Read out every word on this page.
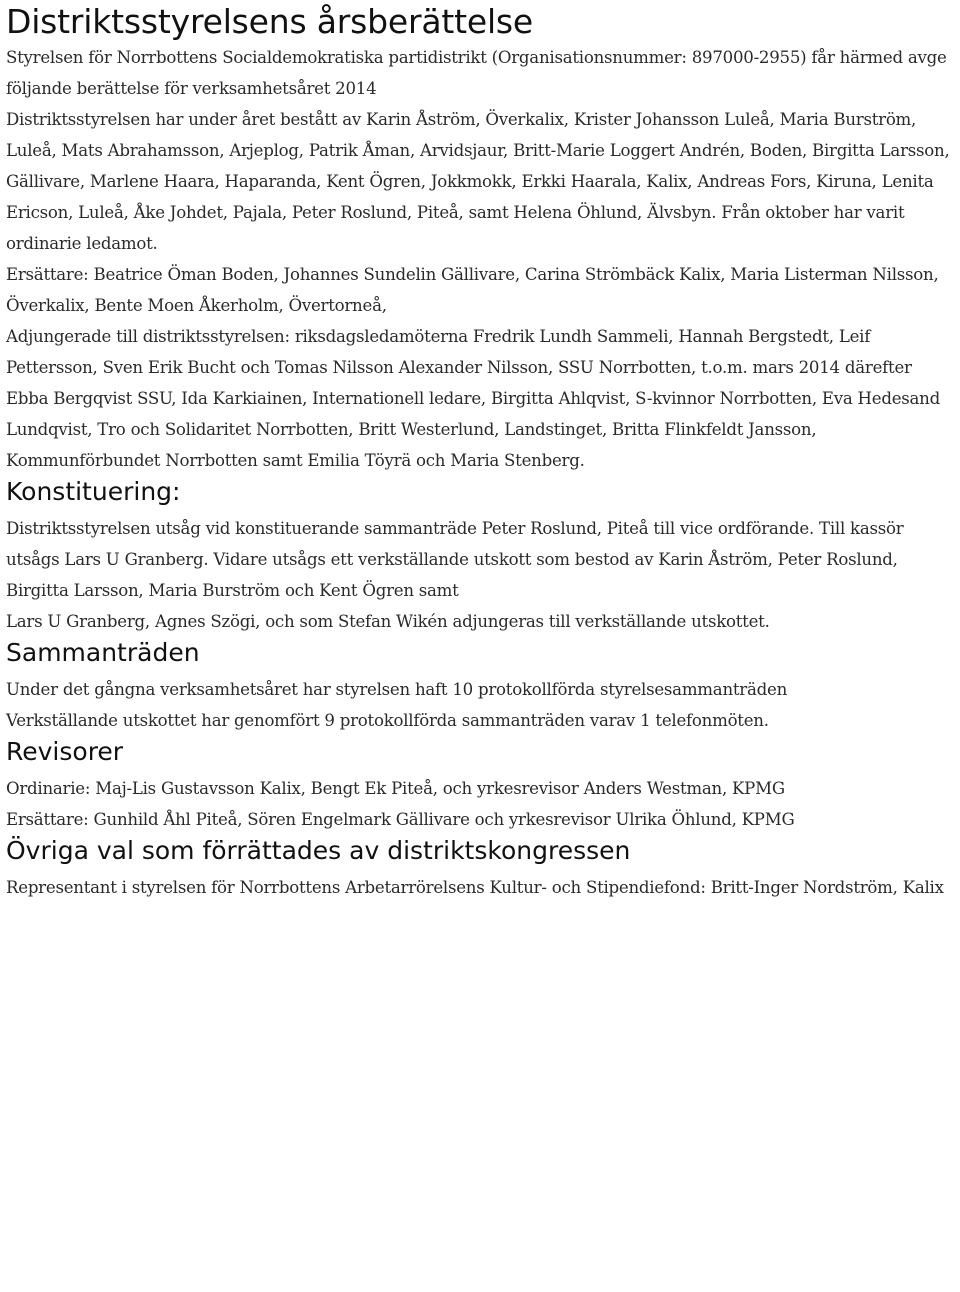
Distriktsstyrelsens årsberättelse

Styrelsen för Norrbottens Socialdemokratiska partidistrikt (Organisationsnummer: 897000-2955) får härmed avge följande berättelse för verksamhetsåret 2014

Distriktsstyrelsen har under året bestått av Karin Åström, Överkalix, Krister Johansson Luleå, Maria Burström, Luleå, Mats Abrahamsson, Arjeplog, Patrik Åman, Arvidsjaur, Britt-Marie Loggert Andrén, Boden, Birgitta Larsson, Gällivare, Marlene Haara, Haparanda, Kent Ögren, Jokkmokk, Erkki Haarala, Kalix, Andreas Fors, Kiruna, Lenita Ericson, Luleå, Åke Johdet, Pajala, Peter Roslund, Piteå, samt Helena Öhlund, Älvsbyn. Från oktober har varit ordinarie ledamot.

Ersättare: Beatrice Öman Boden, Johannes Sundelin Gällivare, Carina Strömbäck Kalix, Maria Listerman Nilsson, Överkalix, Bente Moen Åkerholm, Övertorneå,

Adjungerade till distriktsstyrelsen: riksdagsledamöterna Fredrik Lundh Sammeli, Hannah Bergstedt, Leif Pettersson, Sven Erik Bucht och Tomas Nilsson Alexander Nilsson, SSU Norrbotten, t.o.m. mars 2014 därefter Ebba Bergqvist SSU, Ida Karkiainen, Internationell ledare, Birgitta Ahlqvist, S-kvinnor Norrbotten, Eva Hedesand Lundqvist, Tro och Solidaritet Norrbotten, Britt Westerlund, Landstinget, Britta Flinkfeldt Jansson, Kommunförbundet Norrbotten samt Emilia Töyrä och Maria Stenberg.

Konstituering:

Distriktsstyrelsen utsåg vid konstituerande sammanträde Peter Roslund, Piteå till vice ordförande. Till kassör utsågs Lars U Granberg. Vidare utsågs ett verkställande utskott som bestod av Karin Åström, Peter Roslund, Birgitta Larsson, Maria Burström och Kent Ögren samt

Lars U Granberg, Agnes Szögi, och som Stefan Wikén adjungeras till verkställande utskottet.

Sammanträden

Under det gångna verksamhetsåret har styrelsen haft 10 protokollförda styrelsesammanträden

Verkställande utskottet har genomfört 9 protokollförda sammanträden varav 1 telefonmöten.

Revisorer

Ordinarie: Maj-Lis Gustavsson Kalix, Bengt Ek Piteå, och yrkesrevisor Anders Westman, KPMG

Ersättare: Gunhild Åhl Piteå, Sören Engelmark Gällivare och yrkesrevisor Ulrika Öhlund, KPMG

Övriga val som förrättades av distriktskongressen

Representant i styrelsen för Norrbottens Arbetarrörelsens Kultur- och Stipendiefond: Britt-Inger Nordström, Kalix
